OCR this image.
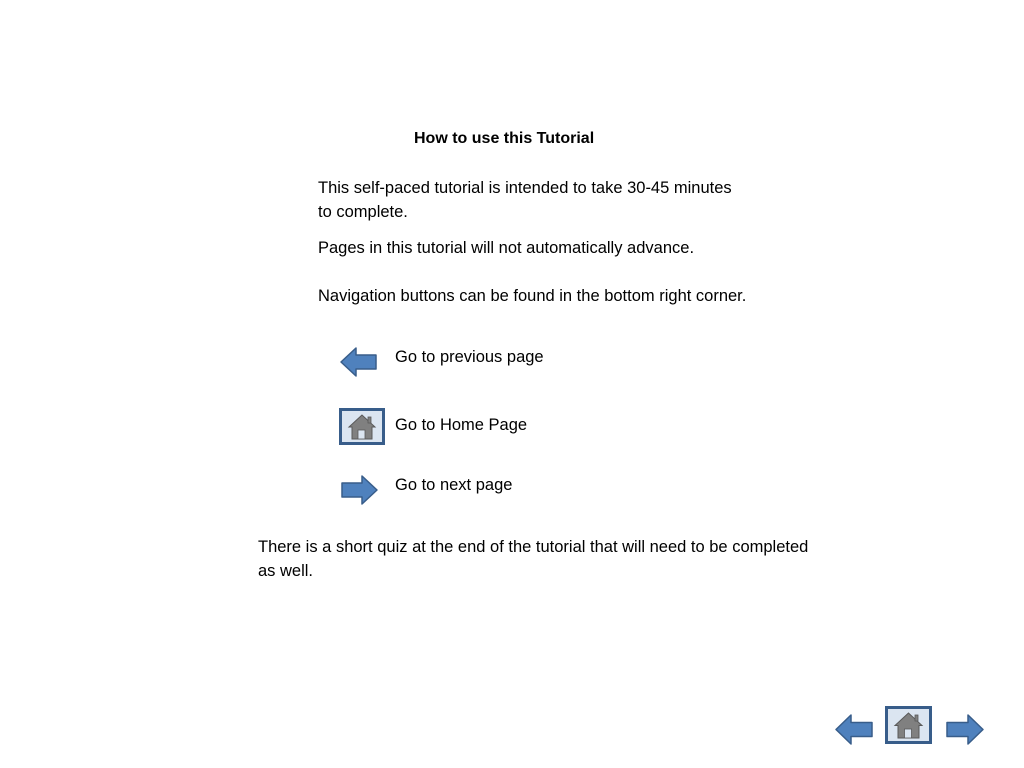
How to use this Tutorial
This self-paced tutorial is intended to take 30-45 minutes to complete.
Pages in this tutorial will not automatically advance.
Navigation buttons can be found in the bottom right corner.
Go to previous page
Go to Home Page
Go to next page
There is a short quiz at the end of the tutorial that will need to be completed as well.
